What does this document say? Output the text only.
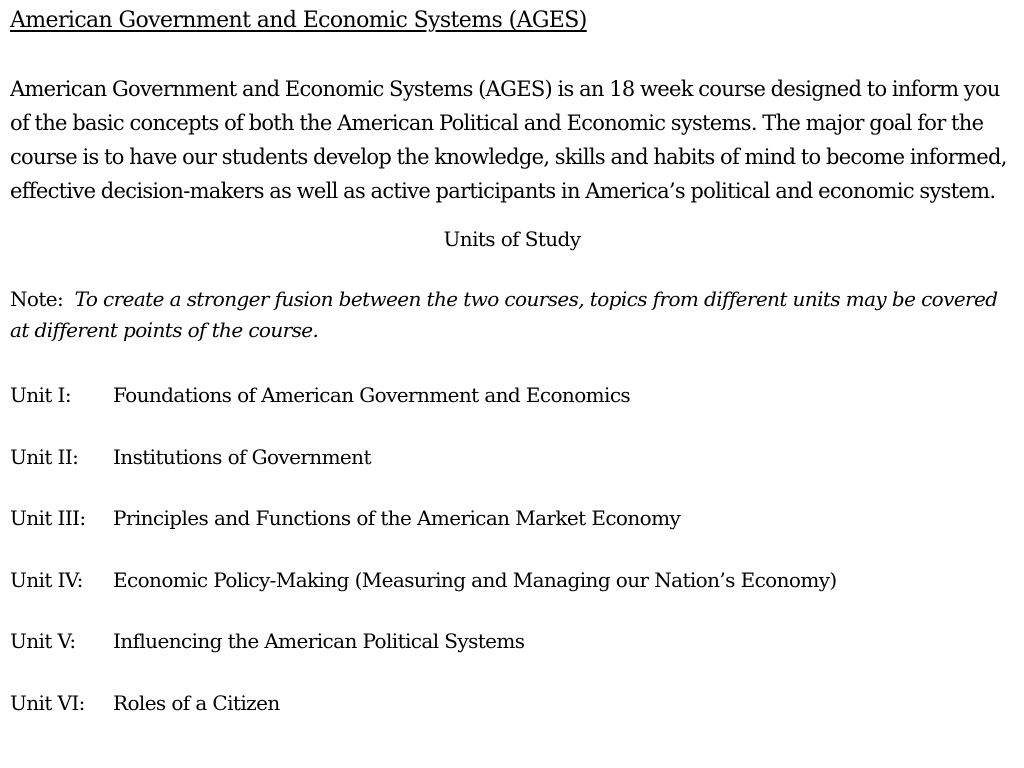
American Government and Economic Systems (AGES)

American Government and Economic Systems (AGES) is an 18 week course designed to inform you of the basic concepts of both the American Political and Economic systems. The major goal for the course is to have our students develop the knowledge, skills and habits of mind to become informed, effective decision-makers as well as active participants in America’s political and economic system.

Units of Study

Note: To create a stronger fusion between the two courses, topics from different units may be covered at different points of the course.

Unit I:	Foundations of American Government and Economics
Unit II:	Institutions of Government
Unit III:	Principles and Functions of the American Market Economy
Unit IV:	Economic Policy-Making (Measuring and Managing our Nation’s Economy)
Unit V:	Influencing the American Political Systems
Unit VI:	Roles of a Citizen
